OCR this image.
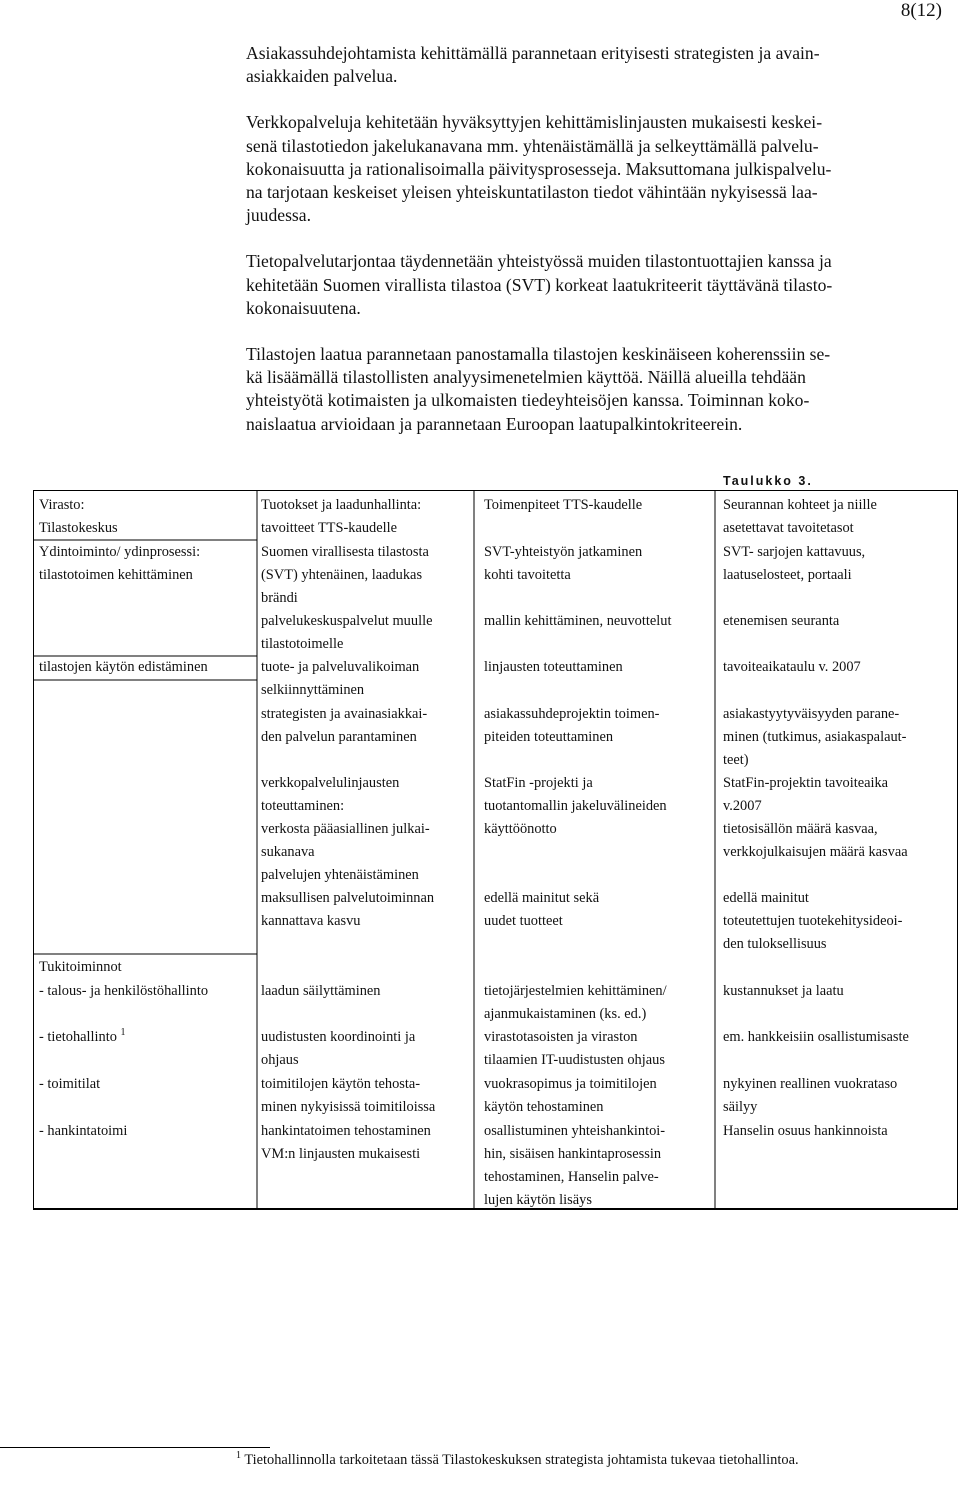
8(12)

Asiakassuhdejohtamista kehittämällä parannetaan erityisesti strategisten ja avain-
asiakkaiden palvelua.

Verkkopalveluja kehitetään hyväksyttyjen kehittämislinjausten mukaisesti keskei-
senä tilastotiedon jakelukanavana mm. yhtenäistämällä ja selkeyttämällä palvelu-
kokonaisuutta ja rationalisoimalla päivitysprosesseja. Maksuttomana julkispalvelu-
na tarjotaan keskeiset yleisen yhteiskuntatilaston tiedot vähintään nykyisessä laa-
juudessa.

Tietopalvelutarjontaa täydennetään yhteistyössä muiden tilastontuottajien kanssa ja
kehitetään Suomen virallista tilastoa (SVT) korkeat laatukriteerit täyttävänä tilasto-
kokonaisuutena.

Tilastojen laatua parannetaan panostamalla tilastojen keskinäiseen koherenssiin se-
kä lisäämällä tilastollisten analyysimenetelmien käyttöä. Näillä alueilla tehdään
yhteistyötä kotimaisten ja ulkomaisten tiedeyhteisöjen kanssa. Toiminnan koko-
naislaatua arvioidaan ja parannetaan Euroopan laatupalkintokriteerein.

Taulukko 3.
Virasto:
Tilastokeskus
Ydintoiminto/ ydinprosessi:
tilastotoimen kehittäminen
tilastojen käytön edistäminen
Tukitoiminnot
- talous- ja henkilöstöhallinto
- tietohallinto $^1$
- toimitilat
- hankintatoimi
Tuotokset ja laadunhallinta:
tavoitteet TTS-kaudelle
Suomen virallisesta tilastosta
(SVT) yhtenäinen, laadukas
brändi
palvelukeskuspalvelut muulle
tilastotoimelle
tuote- ja palveluvalikoiman
selkiinnyttäminen
strategisten ja avainasiakkai-
den palvelun parantaminen
verkkopalvelulinjausten
toteuttaminen:
verkosta pääasiallinen julkai-
sukanava
palvelujen yhtenäistäminen
maksullisen palvelutoiminnan
kannattava kasvu
laadun säilyttäminen
uudistusten koordinointi ja
ohjaus
toimitilojen käytön tehosta-
minen nykyisissä toimitiloissa
hankintatoimen tehostaminen
VM:n linjausten mukaisesti
Toimenpiteet TTS-kaudelle
SVT-yhteistyön jatkaminen
kohti tavoitetta
mallin kehittäminen, neuvottelut
linjausten toteuttaminen
asiakassuhdeprojektin toimen-
piteiden toteuttaminen
StatFin -projekti ja
tuotantomallin jakeluvälineiden
käyttöönotto
edellä mainitut sekä
uudet tuotteet
tietojärjestelmien kehittäminen/
ajanmukaistaminen (ks. ed.)
virastotasoisten ja viraston
tilaamien IT-uudistusten ohjaus
vuokrasopimus ja toimitilojen
käytön tehostaminen
osallistuminen yhteishankintoi-
hin, sisäisen hankintaprosessin
tehostaminen, Hanselin palve-
lujen käytön lisäys
Seurannan kohteet ja niille
asetettavat tavoitetasot
SVT- sarjojen kattavuus,
laatuselosteet, portaali
etenemisen seuranta
tavoiteaikataulu v. 2007
asiakastyytyväisyyden parane-
minen (tutkimus, asiakaspalaut-
teet)
StatFin-projektin tavoiteaika
v.2007
tietosisällön määrä kasvaa,
verkkojulkaisujen määrä kasvaa
edellä mainitut
toteutettujen tuotekehitysideoi-
den tuloksellisuus
kustannukset ja laatu
em. hankkeisiin osallistumisaste
nykyinen reallinen vuokrataso
säilyy
Hanselin osuus hankinnoista
$^1$ Tietohallinnolla tarkoitetaan tässä Tilastokeskuksen strategista johtamista tukevaa tietohallintoa.
